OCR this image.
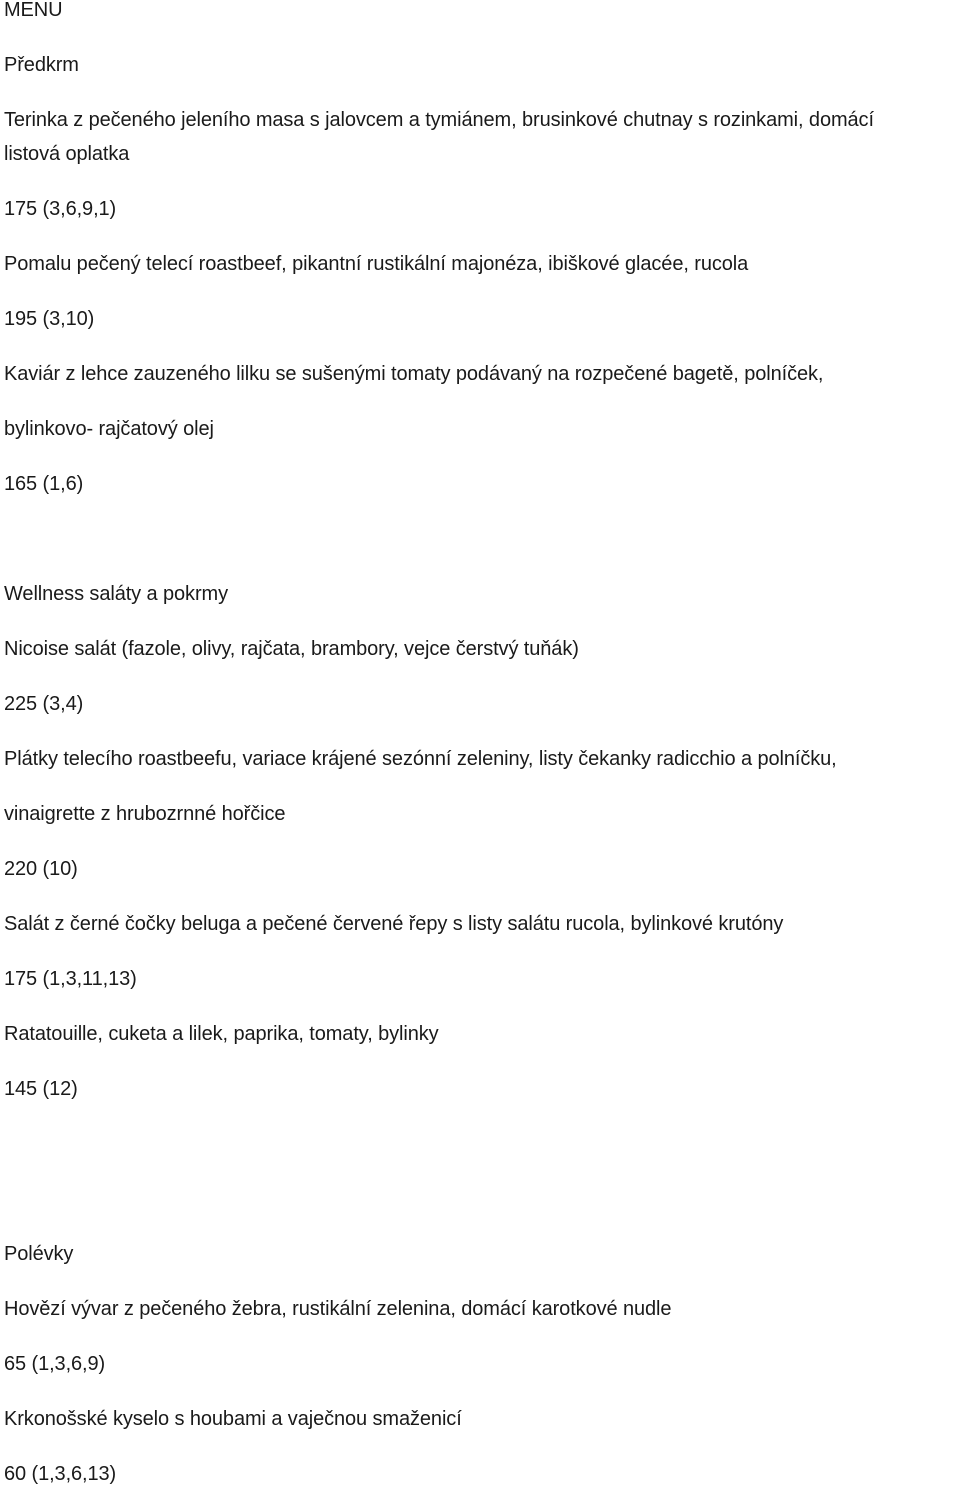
MENU
Předkrm
Terinka z pečeného jeleního masa s jalovcem a tymiánem, brusinkové chutnay s rozinkami, domácí
listová oplatka
175 (3,6,9,1)
Pomalu pečený telecí roastbeef, pikantní rustikální majonéza, ibiškové glacée, rucola
195 (3,10)
Kaviár z lehce zauzeného lilku se sušenými tomaty podávaný na rozpečené bagetě, polníček,
bylinkovo- rajčatový olej
165 (1,6)
Wellness saláty a pokrmy
Nicoise salát (fazole, olivy, rajčata, brambory, vejce čerstvý tuňák)
225 (3,4)
Plátky telecího roastbeefu, variace krájené sezónní zeleniny, listy čekanky radicchio a polníčku,
vinaigrette z hrubozrnné hořčice
220 (10)
Salát z černé čočky beluga a pečené červené řepy s listy salátu rucola, bylinkové krutóny
175 (1,3,11,13)
Ratatouille, cuketa a lilek, paprika, tomaty, bylinky
145 (12)
Polévky
Hovězí vývar z pečeného žebra, rustikální zelenina, domácí karotkové nudle
65 (1,3,6,9)
Krkonošské kyselo s houbami a vaječnou smaženicí
60 (1,3,6,13)
